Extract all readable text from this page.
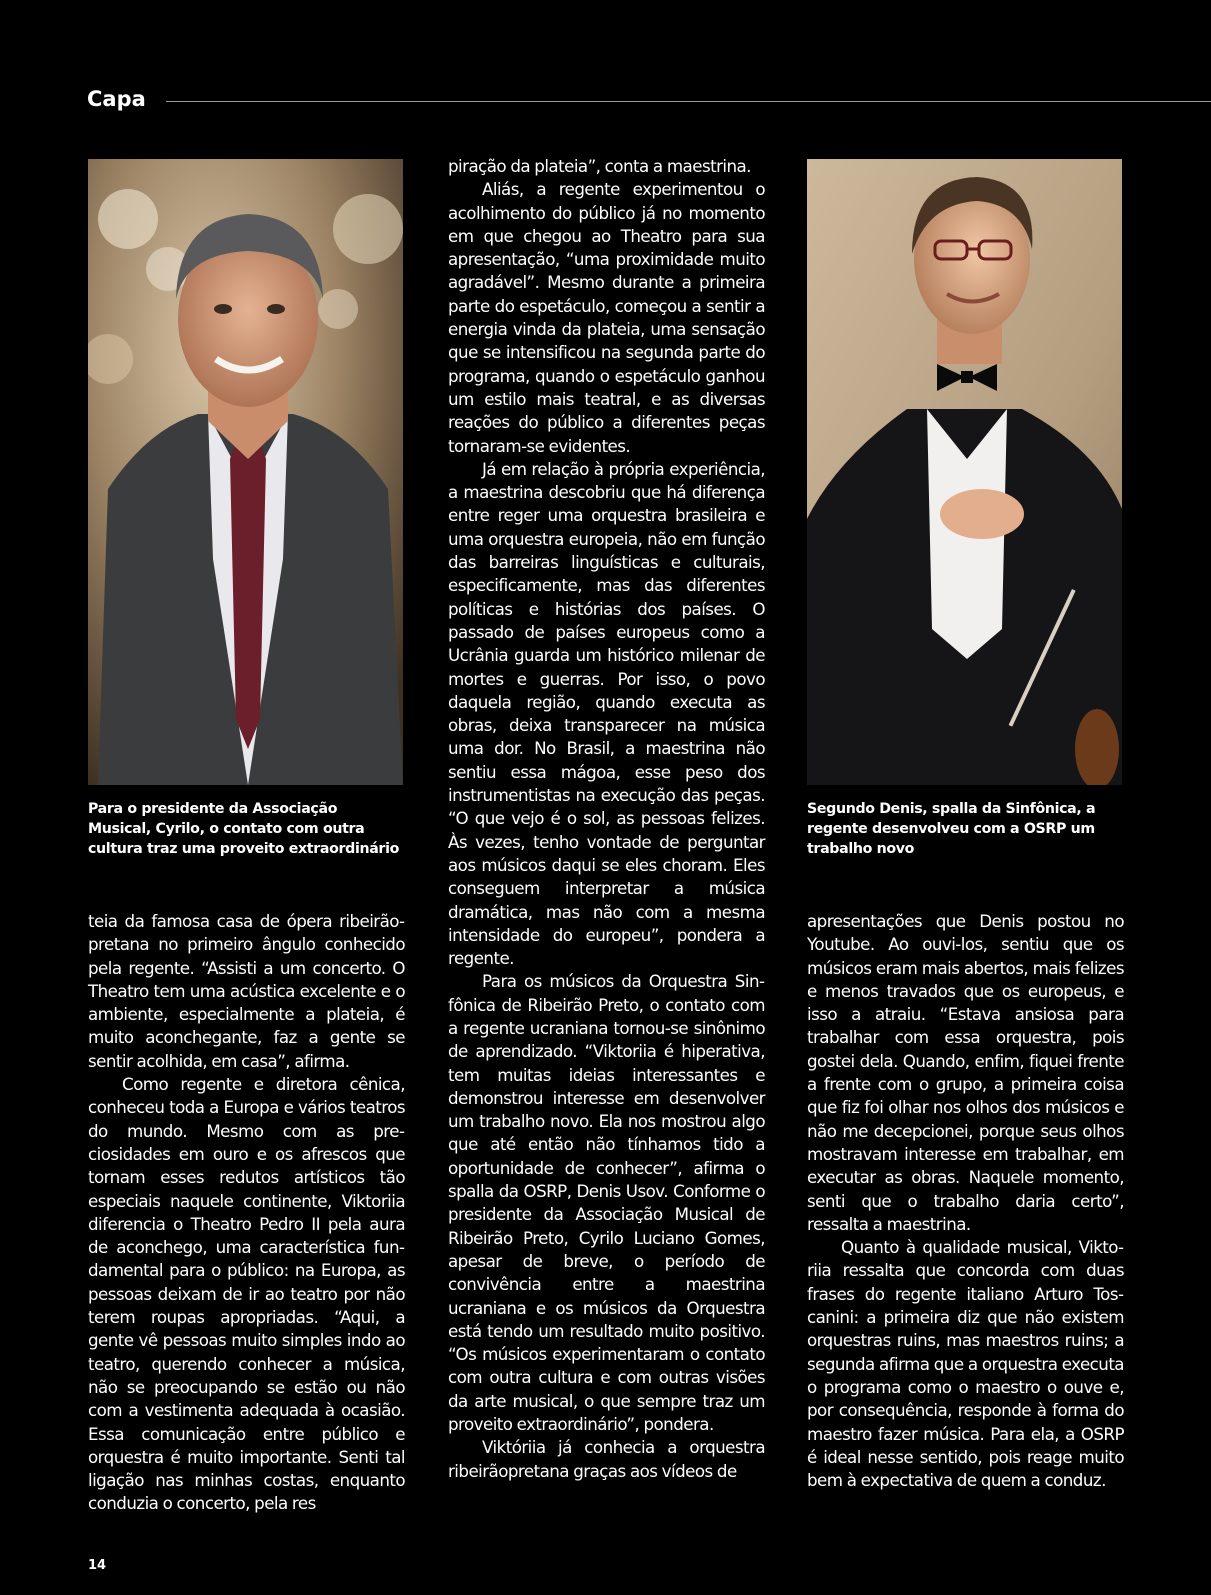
Capa

Para o presidente da Associação Musical, Cyrilo, o contato com outra cultura traz uma proveito extraordinário

Segundo Denis, spalla da Sinfônica, a regente desenvolveu com a OSRP um trabalho novo

teia da famosa casa de ópera ribeirãopretana no primeiro ângulo conhecido pela regente. “Assisti a um concerto. O Theatro tem uma acústica excelente e o ambiente, especialmente a plateia, é muito aconchegante, faz a gente se sentir acolhida, em casa”, afirma.

Como regente e diretora cênica, conheceu toda a Europa e vários teatros do mundo. Mesmo com as preciosidades em ouro e os afrescos que tornam esses redutos artísticos tão especiais naquele continente, Viktoriia diferencia o Theatro Pedro II pela aura de aconchego, uma característica fundamental para o público: na Europa, as pessoas deixam de ir ao teatro por não terem roupas apropriadas. “Aqui, a gente vê pessoas muito simples indo ao teatro, querendo conhecer a música, não se preocupando se estão ou não com a vestimenta adequada à ocasião. Essa comunicação entre público e orquestra é muito importante. Senti tal ligação nas minhas costas, enquanto conduzia o concerto, pela res

piração da plateia”, conta a maestrina.

Aliás, a regente experimentou o acolhimento do público já no momento em que chegou ao Theatro para sua apresentação, “uma proximidade muito agradável”. Mesmo durante a primeira parte do espetáculo, começou a sentir a energia vinda da plateia, uma sensação que se intensificou na segunda parte do programa, quando o espetáculo ganhou um estilo mais teatral, e as diversas reações do público a diferentes peças tornaram-se evidentes.

Já em relação à própria experiência, a maestrina descobriu que há diferença entre reger uma orquestra brasileira e uma orquestra europeia, não em função das barreiras linguísticas e culturais, especificamente, mas das diferentes políticas e histórias dos países. O passado de países europeus como a Ucrânia guarda um histórico milenar de mortes e guerras. Por isso, o povo daquela região, quando executa as obras, deixa transparecer na música uma dor. No Brasil, a maestrina não sentiu essa mágoa, esse peso dos instrumentistas na execução das peças. “O que vejo é o sol, as pessoas felizes. Às vezes, tenho vontade de perguntar aos músicos daqui se eles choram. Eles conseguem interpretar a música dramática, mas não com a mesma intensidade do europeu”, pondera a regente.

Para os músicos da Orquestra Sinfônica de Ribeirão Preto, o contato com a regente ucraniana tornou-se sinônimo de aprendizado. “Viktoriia é hiperativa, tem muitas ideias interessantes e demonstrou interesse em desenvolver um trabalho novo. Ela nos mostrou algo que até então não tínhamos tido a oportunidade de conhecer”, afirma o spalla da OSRP, Denis Usov. Conforme o presidente da Associação Musical de Ribeirão Preto, Cyrilo Luciano Gomes, apesar de breve, o período de convivência entre a maestrina ucraniana e os músicos da Orquestra está tendo um resultado muito positivo. “Os músicos experimentaram o contato com outra cultura e com outras visões da arte musical, o que sempre traz um proveito extraordinário”, pondera.

Viktóriia já conhecia a orquestra ribeirãopretana graças aos vídeos de

apresentações que Denis postou no Youtube. Ao ouvi-los, sentiu que os músicos eram mais abertos, mais felizes e menos travados que os europeus, e isso a atraiu. “Estava ansiosa para trabalhar com essa orquestra, pois gostei dela. Quando, enfim, fiquei frente a frente com o grupo, a primeira coisa que fiz foi olhar nos olhos dos músicos e não me decepcionei, porque seus olhos mostravam interesse em trabalhar, em executar as obras. Naquele momento, senti que o trabalho daria certo”, ressalta a maestrina.

Quanto à qualidade musical, Viktoriia ressalta que concorda com duas frases do regente italiano Arturo Toscanini: a primeira diz que não existem orquestras ruins, mas maestros ruins; a segunda afirma que a orquestra executa o programa como o maestro o ouve e, por consequência, responde à forma do maestro fazer música. Para ela, a OSRP é ideal nesse sentido, pois reage muito bem à expectativa de quem a conduz.

14
